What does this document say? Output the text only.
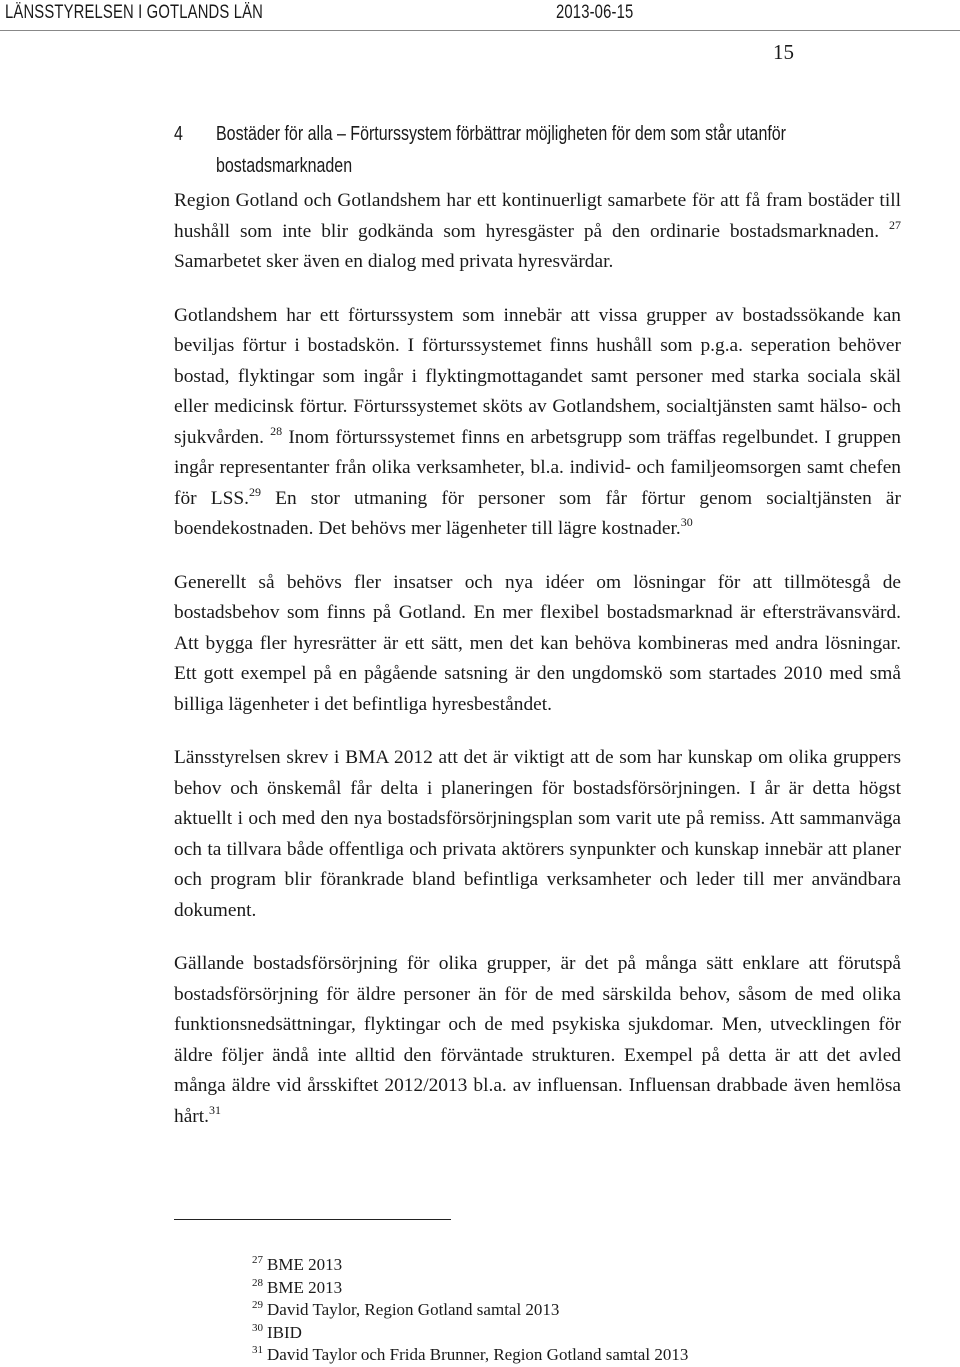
LÄNSSTYRELSEN I GOTLANDS LÄN	2013-06-15
15
4 Bostäder för alla – Förturssystem förbättrar möjligheten för dem som står utanför bostadsmarknaden

Region Gotland och Gotlandshem har ett kontinuerligt samarbete för att få fram bostäder till hushåll som inte blir godkända som hyresgäster på den ordinarie bostadsmarknaden. $^{27}$ Samarbetet sker även en dialog med privata hyresvärdar.

Gotlandshem har ett förturssystem som innebär att vissa grupper av bostadssökande kan beviljas förtur i bostadskön. I förturssystemet finns hushåll som p.g.a. seperation behöver bostad, flyktingar som ingår i flyktingmottagandet samt personer med starka sociala skäl eller medicinsk förtur. Förturssystemet sköts av Gotlandshem, socialtjänsten samt hälso- och sjukvården. $^{28}$ Inom förturssystemet finns en arbetsgrupp som träffas regelbundet. I gruppen ingår representanter från olika verksamheter, bl.a. individ- och familjeomsorgen samt chefen för LSS.$^{29}$ En stor utmaning för personer som får förtur genom socialtjänsten är boendekostnaden. Det behövs mer lägenheter till lägre kostnader.$^{30}$

Generellt så behövs fler insatser och nya idéer om lösningar för att tillmötesgå de bostadsbehov som finns på Gotland. En mer flexibel bostadsmarknad är eftersträvansvärd. Att bygga fler hyresrätter är ett sätt, men det kan behöva kombineras med andra lösningar. Ett gott exempel på en pågående satsning är den ungdomskö som startades 2010 med små billiga lägenheter i det befintliga hyresbeståndet.

Länsstyrelsen skrev i BMA 2012 att det är viktigt att de som har kunskap om olika gruppers behov och önskemål får delta i planeringen för bostadsförsörjningen. I år är detta högst aktuellt i och med den nya bostadsförsörjningsplan som varit ute på remiss. Att sammanväga och ta tillvara både offentliga och privata aktörers synpunkter och kunskap innebär att planer och program blir förankrade bland befintliga verksamheter och leder till mer användbara dokument.

Gällande bostadsförsörjning för olika grupper, är det på många sätt enklare att förutspå bostadsförsörjning för äldre personer än för de med särskilda behov, såsom de med olika funktionsnedsättningar, flyktingar och de med psykiska sjukdomar. Men, utvecklingen för äldre följer ändå inte alltid den förväntade strukturen. Exempel på detta är att det avled många äldre vid årsskiftet 2012/2013 bl.a. av influensan. Influensan drabbade även hemlösa hårt.$^{31}$

$^{27}$ BME 2013
$^{28}$ BME 2013
$^{29}$ David Taylor, Region Gotland samtal 2013
$^{30}$ IBID
$^{31}$ David Taylor och Frida Brunner, Region Gotland samtal 2013
